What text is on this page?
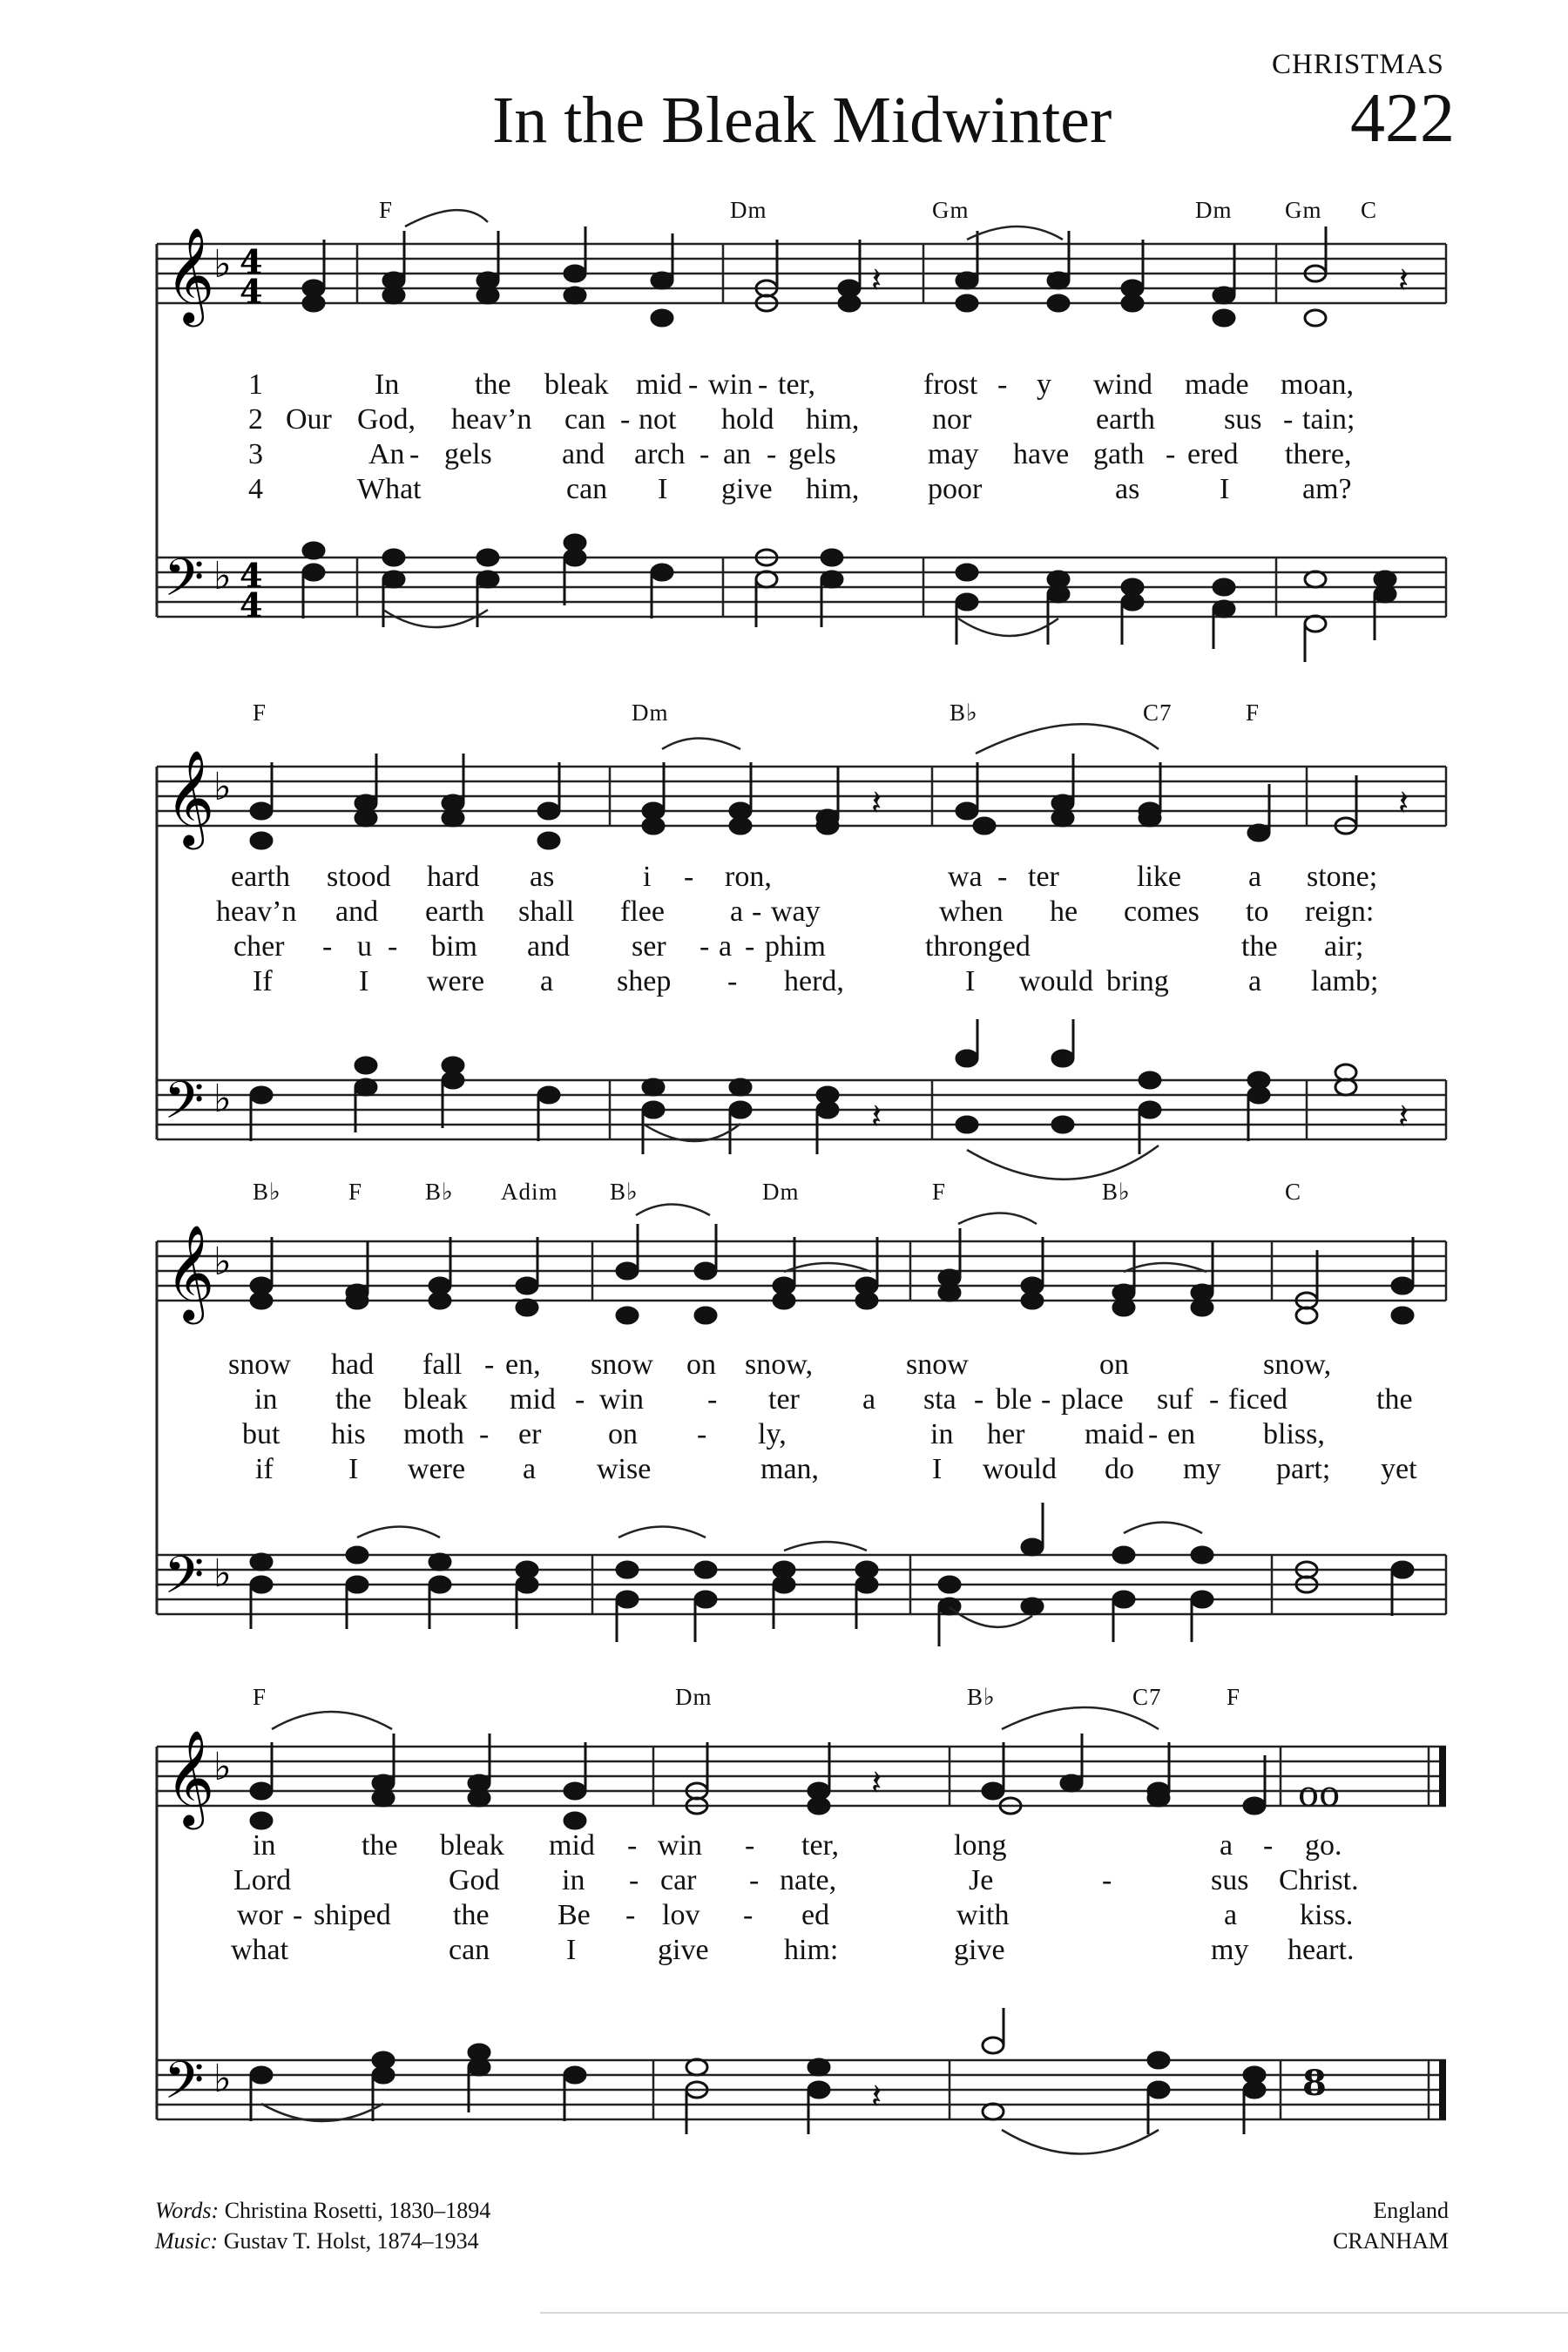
CHRISTMAS
In the Bleak Midwinter	422
𝄞
𝄢
♭
♭
4
4
4
4
𝄽	𝄽
𝄞
𝄢
♭
♭
𝄽	𝄽
𝄽	𝄽
𝄞
𝄢
♭
♭
𝄞
𝄢
♭
♭
oo
𝄽
8
𝄽
F	Dm	Gm	Dm Gm C
F	Dm	B♭	C7	F
B♭	F	B♭ Adim B♭	Dm	F	B♭	C
F	Dm	B♭	C7	F
1	In	the bleak mid - win - ter,	frost - y wind made moan,
2 Our God, heav’n can - not hold him, nor	earth sus - tain;
3	An - gels and arch - an - gels	may have gath - ered there,
4	What	can I give him, poor	as	I am?
earth stood hard as	i - ron,	wa - ter	like a stone;
heav’n and earth shall flee a - way	when he comes to reign:
cher - u - bim and ser - a - phim	thronged	the air;
If	I were a shep - herd,	I would bring	a lamb;
snow had fall - en, snow on snow,	snow	on	snow,
in the bleak mid - win - ter a sta - ble - place suf - ficed	the
but his moth - er on - ly,	in her maid - en bliss,
if	I were a wise	man,	I would do my part; yet
in	the bleak mid - win - ter,	long	a - go.
Lord	God in - car - nate,	Je	-	sus Christ.
wor - shiped the Be - lov - ed	with	a kiss.
what	can	I	give	him:	give	my heart.
Words: Christina Rosetti, 1830–1894
Music: Gustav T. Holst, 1874–1934
England
CRANHAM
